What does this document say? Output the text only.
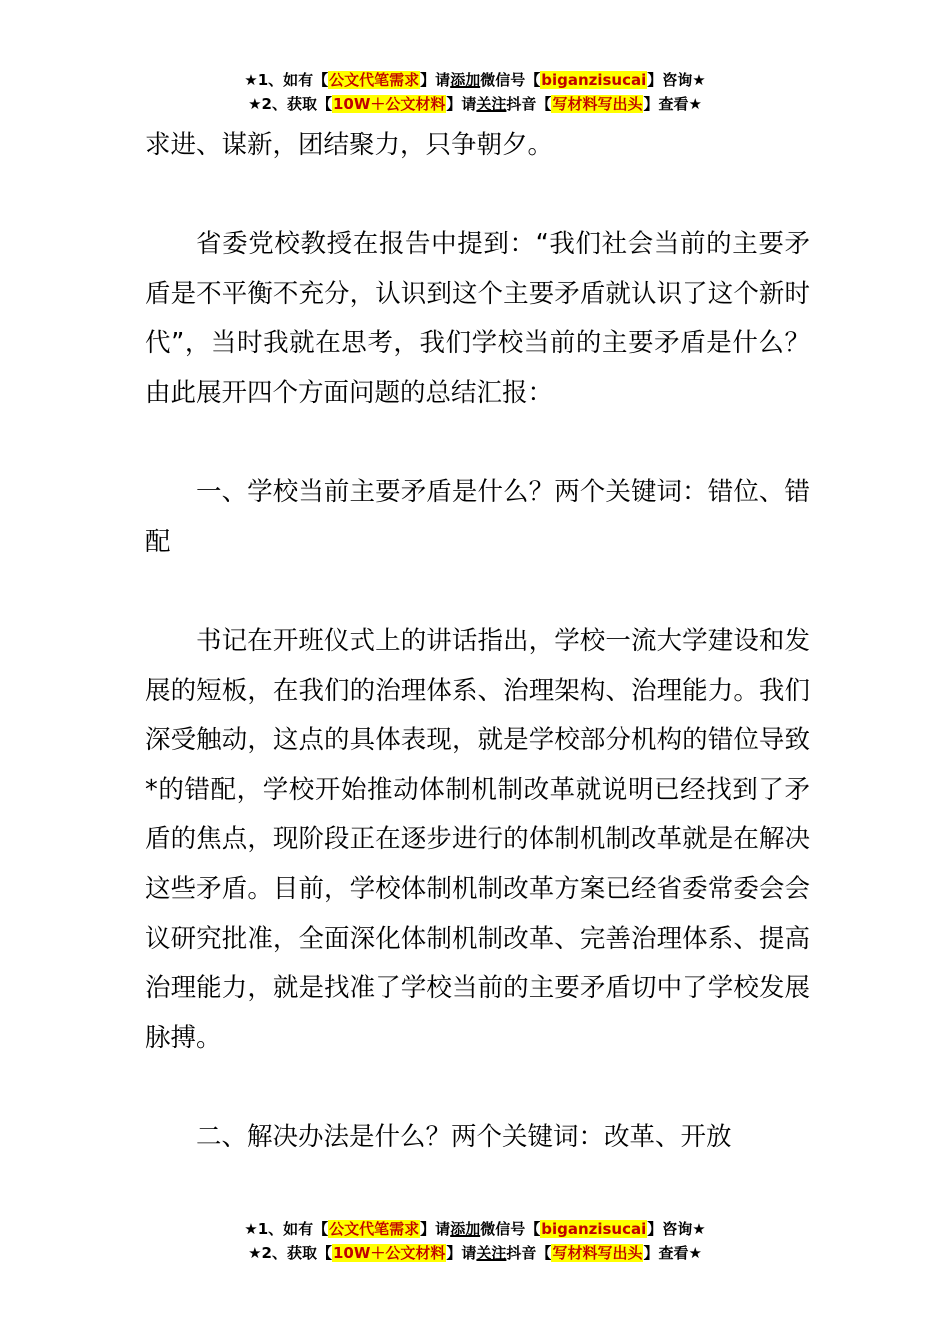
★1、如有【公文代笔需求】请添加微信号【biganzisucai】咨询★
★2、获取【10W＋公文材料】请关注抖音【写材料写出头】查看★

求进、谋新，团结聚力，只争朝夕。

省委党校教授在报告中提到：“我们社会当前的主要矛盾是不平衡不充分，认识到这个主要矛盾就认识了这个新时代”，当时我就在思考，我们学校当前的主要矛盾是什么？由此展开四个方面问题的总结汇报：

一、学校当前主要矛盾是什么？两个关键词：错位、错配

书记在开班仪式上的讲话指出，学校一流大学建设和发展的短板，在我们的治理体系、治理架构、治理能力。我们深受触动，这点的具体表现，就是学校部分机构的错位导致*的错配，学校开始推动体制机制改革就说明已经找到了矛盾的焦点，现阶段正在逐步进行的体制机制改革就是在解决这些矛盾。目前，学校体制机制改革方案已经省委常委会会议研究批准，全面深化体制机制改革、完善治理体系、提高治理能力，就是找准了学校当前的主要矛盾切中了学校发展脉搏。

二、解决办法是什么？两个关键词：改革、开放

★1、如有【公文代笔需求】请添加微信号【biganzisucai】咨询★
★2、获取【10W＋公文材料】请关注抖音【写材料写出头】查看★
